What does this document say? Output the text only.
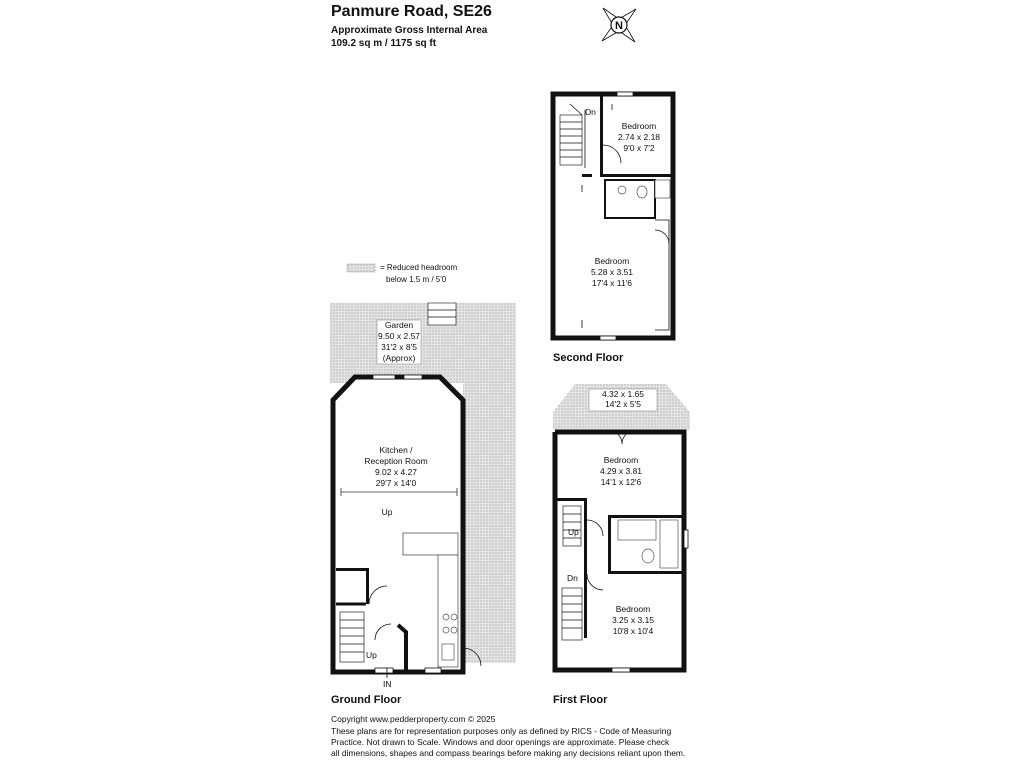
Panmure Road, SE26
Approximate Gross Internal Area
109.2 sq m / 1175 sq ft
N
= Reduced headroom
below 1.5 m / 5'0
Dn
Bedroom
2.74 x 2.18
9'0 x 7'2
Bedroom
5.28 x 3.51
17'4 x 11'6
Second Floor
4.32 x 1.65
14'2 x 5'5
Up
Dn
Bedroom
4.29 x 3.81
14'1 x 12'6
Bedroom
3.25 x 3.15
10'8 x 10'4
First Floor
Garden
9.50 x 2.57
31'2 x 8'5
(Approx)
Up
IN
Kitchen /
Reception Room
9.02 x 4.27
29'7 x 14'0
Up
Ground Floor
Copyright www.pedderproperty.com © 2025
These plans are for representation purposes only as defined by RICS - Code of Measuring
Practice. Not drawn to Scale. Windows and door openings are approximate. Please check
all dimensions, shapes and compass bearings before making any decisions reliant upon them.
